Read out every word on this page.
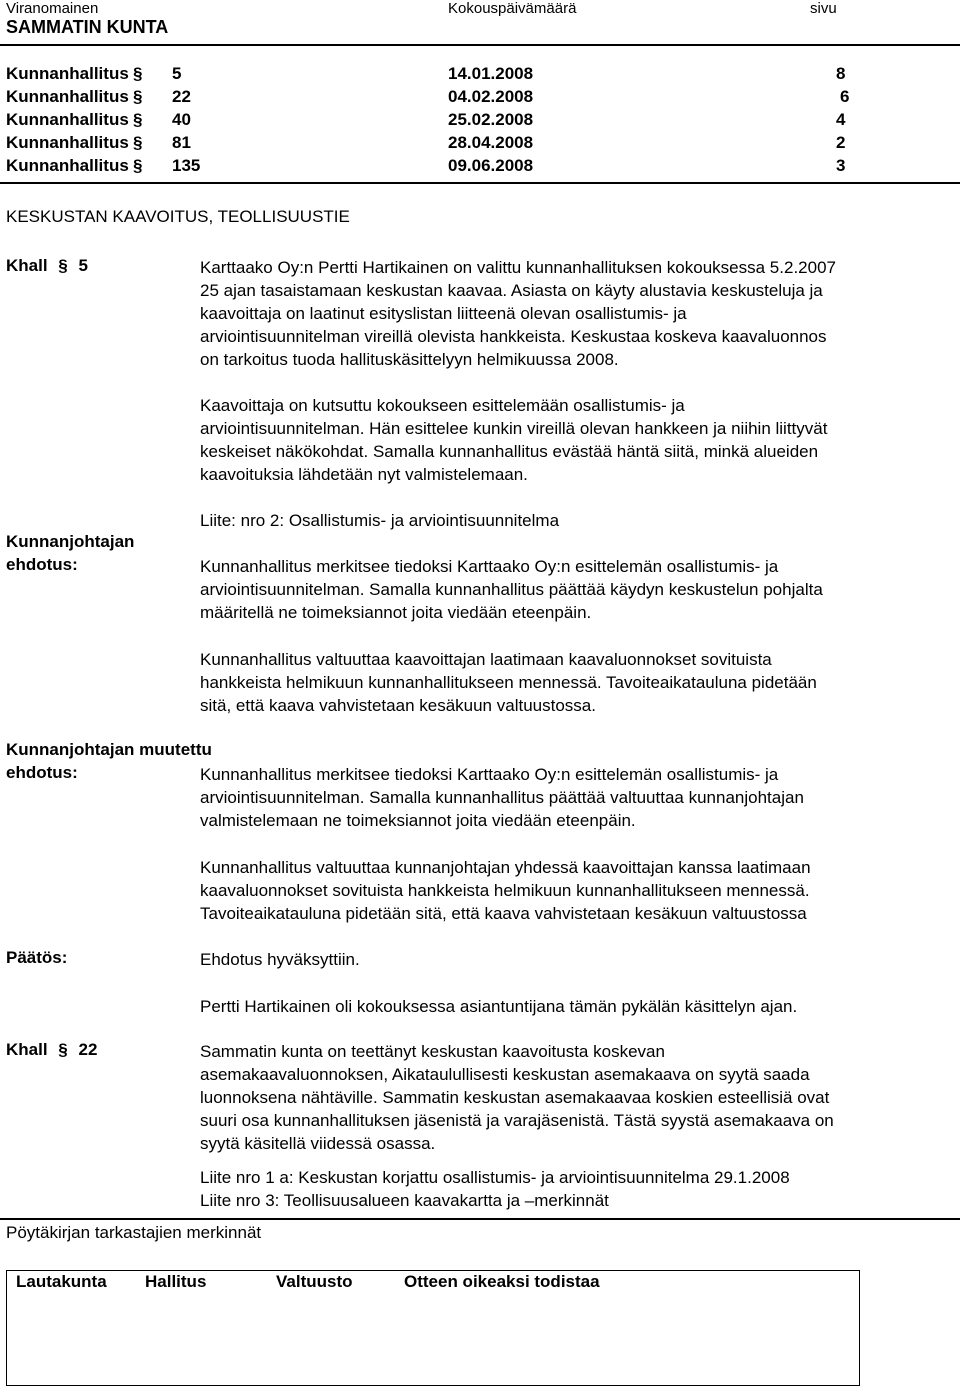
Viranomainen	Kokouspäivämäärä	sivu
SAMMATIN KUNTA
Kunnanhallitus § 5	14.01.2008	8
Kunnanhallitus § 22	04.02.2008	6
Kunnanhallitus § 40	25.02.2008	4
Kunnanhallitus § 81	28.04.2008	2
Kunnanhallitus § 135	09.06.2008	3
KESKUSTAN KAAVOITUS, TEOLLISUUSTIE
Khall § 5	Karttaako Oy:n Pertti Hartikainen on valittu kunnanhallituksen kokouksessa 5.2.2007
25 ajan tasaistamaan keskustan kaavaa. Asiasta on käyty alustavia keskusteluja ja
kaavoittaja on laatinut esityslistan liitteenä olevan osallistumis- ja
arviointisuunnitelman vireillä olevista hankkeista. Keskustaa koskeva kaavaluonnos
on tarkoitus tuoda hallituskäsittelyyn helmikuussa 2008.
Kaavoittaja on kutsuttu kokoukseen esittelemään osallistumis- ja
arviointisuunnitelman. Hän esittelee kunkin vireillä olevan hankkeen ja niihin liittyvät
keskeiset näkökohdat. Samalla kunnanhallitus evästää häntä siitä, minkä alueiden
kaavoituksia lähdetään nyt valmistelemaan.
Liite: nro 2: Osallistumis- ja arviointisuunnitelma
Kunnanjohtajan
ehdotus:	Kunnanhallitus merkitsee tiedoksi Karttaako Oy:n esittelemän osallistumis- ja
arviointisuunnitelman. Samalla kunnanhallitus päättää käydyn keskustelun pohjalta
määritellä ne toimeksiannot joita viedään eteenpäin.
Kunnanhallitus valtuuttaa kaavoittajan laatimaan kaavaluonnokset sovituista
hankkeista helmikuun kunnanhallitukseen mennessä. Tavoiteaikatauluna pidetään
sitä, että kaava vahvistetaan kesäkuun valtuustossa.
Kunnanjohtajan muutettu
ehdotus:	Kunnanhallitus merkitsee tiedoksi Karttaako Oy:n esittelemän osallistumis- ja
arviointisuunnitelman. Samalla kunnanhallitus päättää valtuuttaa kunnanjohtajan
valmistelemaan ne toimeksiannot joita viedään eteenpäin.
Kunnanhallitus valtuuttaa kunnanjohtajan yhdessä kaavoittajan kanssa laatimaan
kaavaluonnokset sovituista hankkeista helmikuun kunnanhallitukseen mennessä.
Tavoiteaikatauluna pidetään sitä, että kaava vahvistetaan kesäkuun valtuustossa
Päätös:	Ehdotus hyväksyttiin.
Pertti Hartikainen oli kokouksessa asiantuntijana tämän pykälän käsittelyn ajan.
Khall § 22	Sammatin kunta on teettänyt keskustan kaavoitusta koskevan
asemakaavaluonnoksen, Aikataulullisesti keskustan asemakaava on syytä saada
luonnoksena nähtäville. Sammatin keskustan asemakaavaa koskien esteellisiä ovat
suuri osa kunnanhallituksen jäsenistä ja varajäsenistä. Tästä syystä asemakaava on
syytä käsitellä viidessä osassa.
Liite nro 1 a: Keskustan korjattu osallistumis- ja arviointisuunnitelma 29.1.2008
Liite nro 3: Teollisuusalueen kaavakartta ja –merkinnät
Pöytäkirjan tarkastajien merkinnät
Lautakunta Hallitus	Valtuusto	Otteen oikeaksi todistaa
